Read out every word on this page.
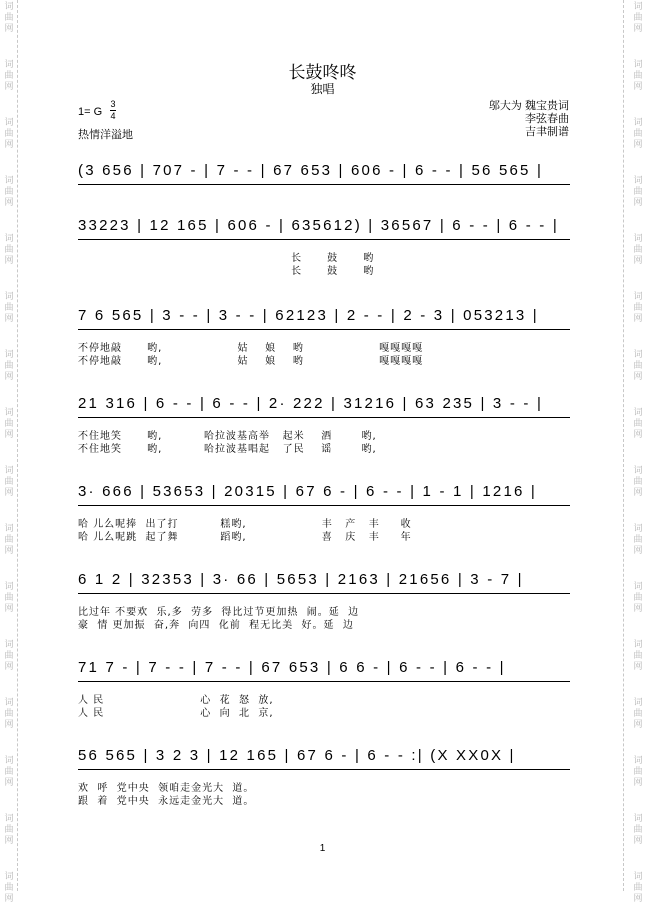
词
曲
网
词
曲
网
词
曲
网
词
曲
网
词
曲
网
词
曲
网
词
曲
网
词
曲
网
词
曲
网
词
曲
网
词
曲
网
词
曲
网
词
曲
网
词
曲
网
词
曲
网
词
曲
网
词
曲
网
词
曲
网
词
曲
网
词
曲
网
词
曲
网
词
曲
网
词
曲
网
词
曲
网
词
曲
网
词
曲
网
词
曲
网
词
曲
网
词
曲
网
词
曲
网
词
曲
网
词
曲
网
长鼓咚咚
独唱
1= G
3
4
热情洋溢地
邬大为 魏宝贵词
李弦春曲
吉聿制谱
(3 656 | 707 - | 7 - - | 67 653 | 606 - | 6 - - | 56 565 |
33223 | 12 165 | 606 - | 635612) | 36567 | 6 - - | 6 - - |
长      鼓      哟
长      鼓      哟
7 6 565 | 3 - - | 3 - - | 62123 | 2 - - | 2 - 3 | 053213 |
不停地敲      哟,                  姑    娘    哟                  嘎嘎嘎嘎
不停地敲      哟,                  姑    娘    哟                  嘎嘎嘎嘎
21 316 | 6 - - | 6 - - | 2· 222 | 31216 | 63 235 | 3 - - |
不住地笑      哟,          哈拉波基高举   起米    酒       哟,
不住地笑      哟,          哈拉波基唱起   了民    谣       哟,
3· 666 | 53653 | 20315 | 67 6 - | 6 - - | 1 - 1 | 1216 |
哈 儿么呢捧  出了打          糕哟,                  丰   产   丰     收
哈 儿么呢跳  起了舞          蹈哟,                  喜   庆   丰     年
6 1 2 | 32353 | 3· 66 | 5653 | 2163 | 21656 | 3 - 7 |
比过年 不要欢  乐,多  劳多  得比过节更加热  闹。延  边
豪  情 更加振  奋,奔  向四  化前  程无比美  好。延  边
71 7 - | 7 - - | 7 - - | 67 653 | 6 6 - | 6 - - | 6 - - |
人 民                       心  花  怒  放,
人 民                       心  向  北  京,
56 565 | 3 2 3 | 12 165 | 67 6 - | 6 - - :| (X XX0X |
欢  呼  党中央  领咱走金光大  道。
跟  着  党中央  永远走金光大  道。
1
